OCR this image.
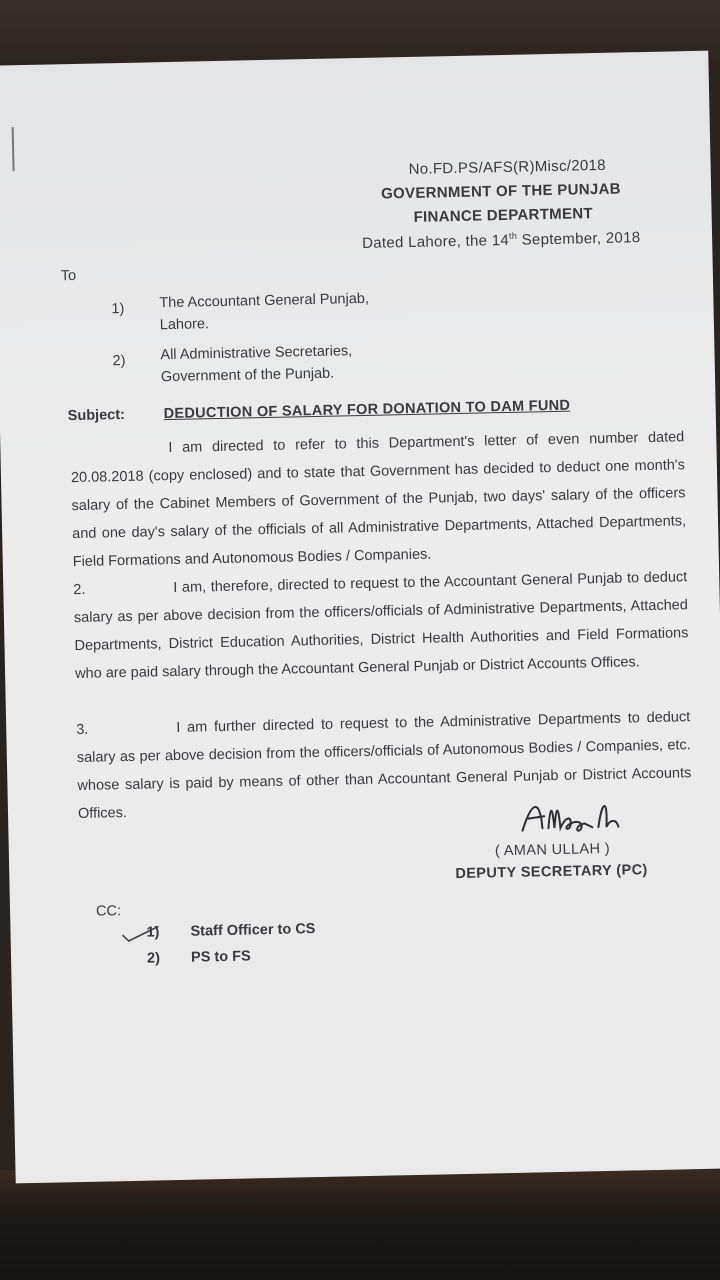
No.FD.PS/AFS(R)Misc/2018
GOVERNMENT OF THE PUNJAB
FINANCE DEPARTMENT
Dated Lahore, the 14th September, 2018
To
1) The Accountant General Punjab,
Lahore.
2) All Administrative Secretaries,
Government of the Punjab.
Subject:	DEDUCTION OF SALARY FOR DONATION TO DAM FUND
I am directed to refer to this Department's letter of even number dated 20.08.2018 (copy enclosed) and to state that Government has decided to deduct one month's salary of the Cabinet Members of Government of the Punjab, two days' salary of the officers and one day's salary of the officials of all Administrative Departments, Attached Departments, Field Formations and Autonomous Bodies / Companies.
2.	I am, therefore, directed to request to the Accountant General Punjab to deduct salary as per above decision from the officers/officials of Administrative Departments, Attached Departments, District Education Authorities, District Health Authorities and Field Formations who are paid salary through the Accountant General Punjab or District Accounts Offices.
3.	I am further directed to request to the Administrative Departments to deduct salary as per above decision from the officers/officials of Autonomous Bodies / Companies, etc. whose salary is paid by means of other than Accountant General Punjab or District Accounts Offices.
( AMAN ULLAH )
DEPUTY SECRETARY (PC)
CC:
1) Staff Officer to CS
2) PS to FS
